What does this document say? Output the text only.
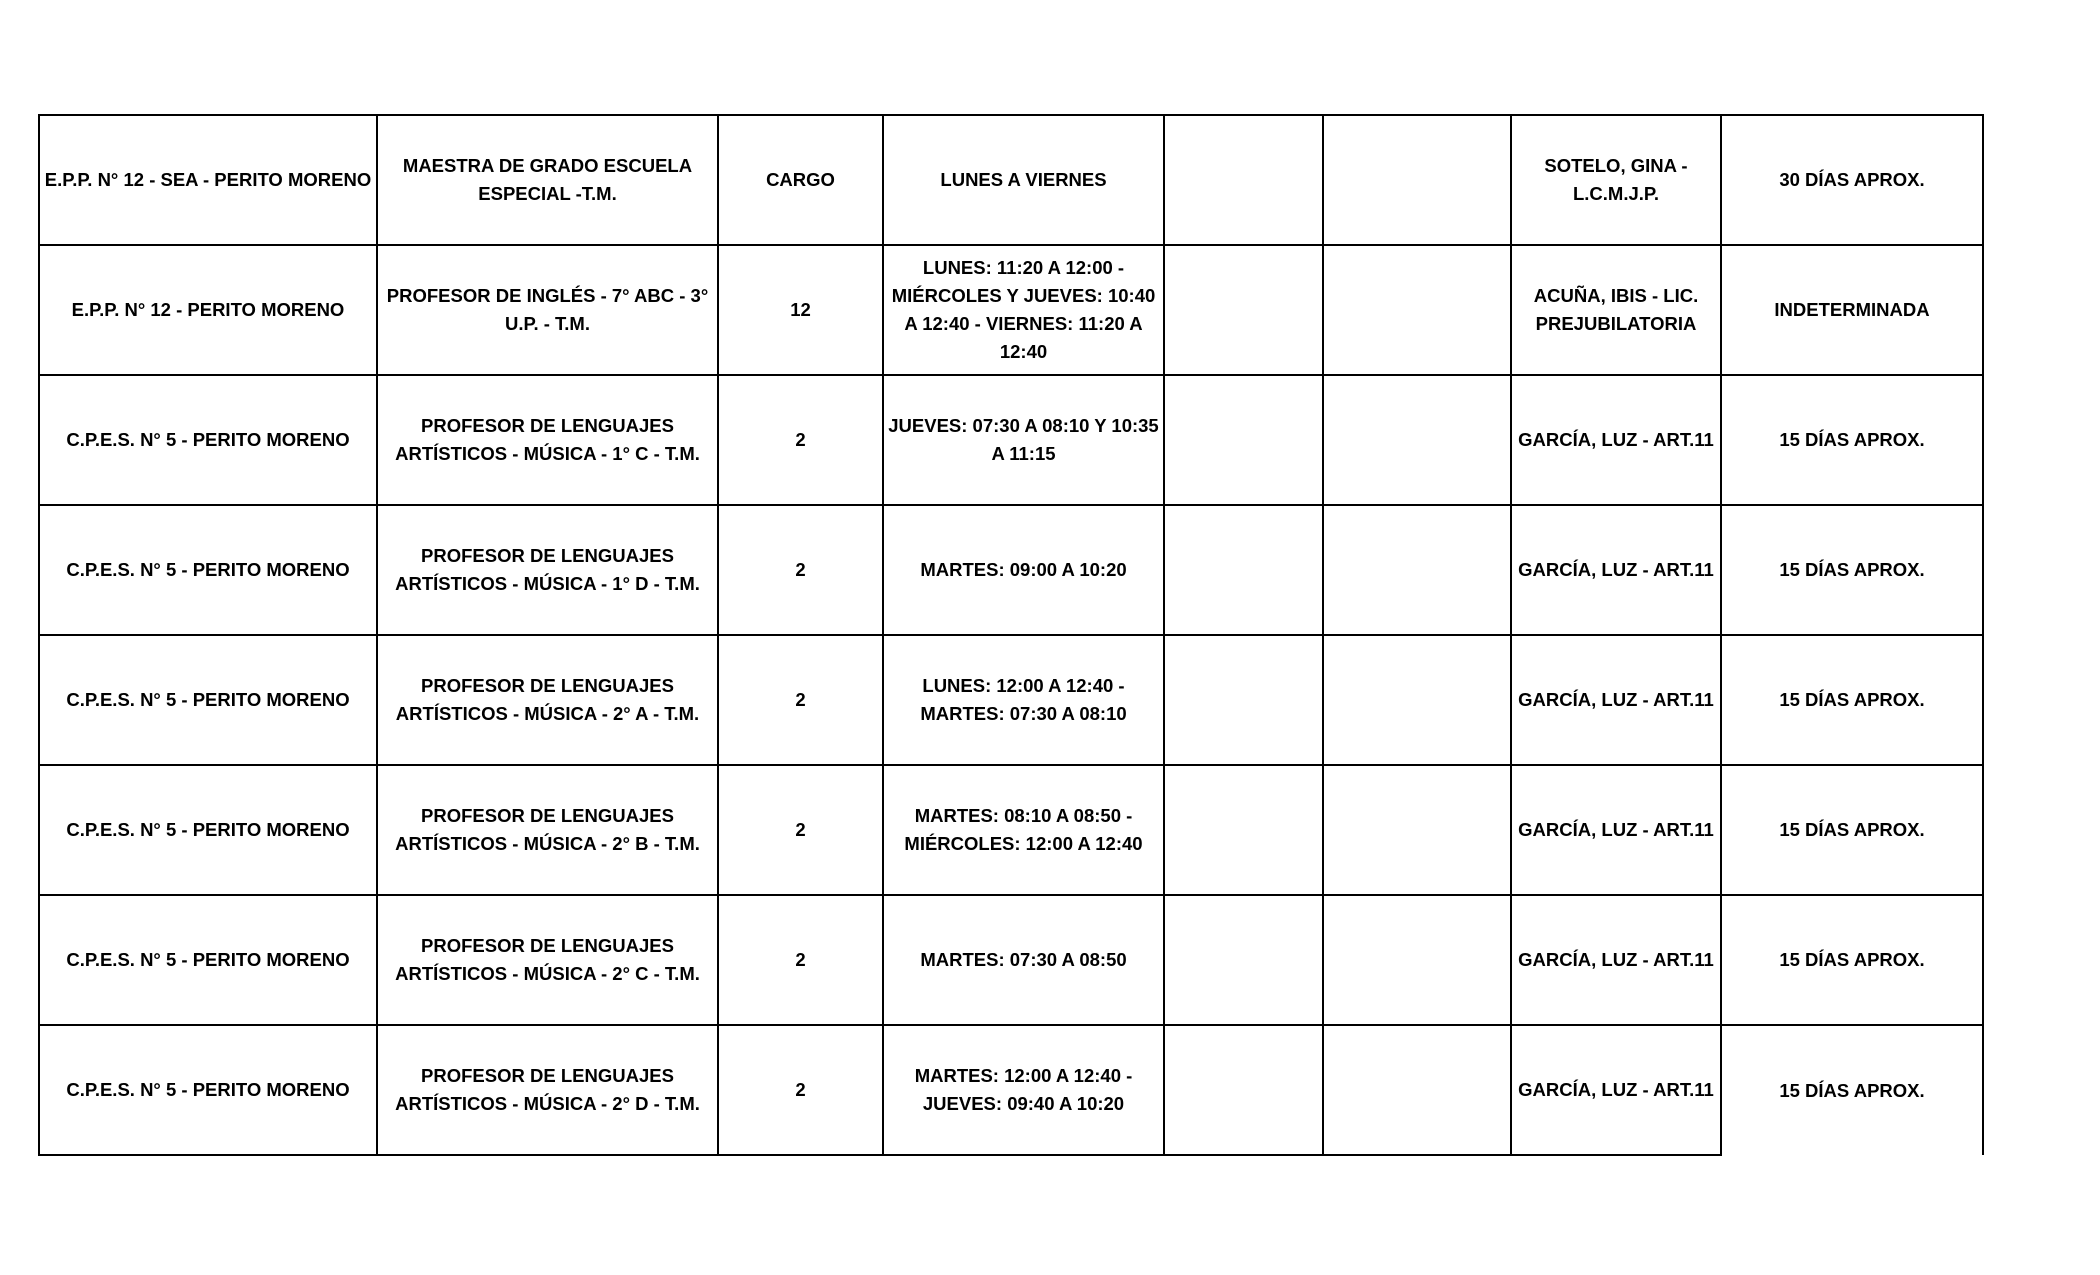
E.P.P. N° 12 - SEA - PERITO MORENO	MAESTRA DE GRADO ESCUELA ESPECIAL -T.M.	CARGO	LUNES A VIERNES			SOTELO, GINA - L.C.M.J.P.	30 DÍAS APROX.
E.P.P. N° 12 - PERITO MORENO	PROFESOR DE INGLÉS - 7° ABC - 3° U.P. - T.M.	12	LUNES: 11:20 A 12:00 - MIÉRCOLES Y JUEVES: 10:40 A 12:40 - VIERNES: 11:20 A 12:40			ACUÑA, IBIS - LIC. PREJUBILATORIA	INDETERMINADA
C.P.E.S. N° 5 - PERITO MORENO	PROFESOR DE LENGUAJES ARTÍSTICOS - MÚSICA - 1° C - T.M.	2	JUEVES: 07:30 A 08:10 Y 10:35 A 11:15			GARCÍA, LUZ - ART.11	15 DÍAS APROX.
C.P.E.S. N° 5 - PERITO MORENO	PROFESOR DE LENGUAJES ARTÍSTICOS - MÚSICA - 1° D - T.M.	2	MARTES: 09:00 A 10:20			GARCÍA, LUZ - ART.11	15 DÍAS APROX.
C.P.E.S. N° 5 - PERITO MORENO	PROFESOR DE LENGUAJES ARTÍSTICOS - MÚSICA - 2° A - T.M.	2	LUNES: 12:00 A 12:40 - MARTES: 07:30 A 08:10			GARCÍA, LUZ - ART.11	15 DÍAS APROX.
C.P.E.S. N° 5 - PERITO MORENO	PROFESOR DE LENGUAJES ARTÍSTICOS - MÚSICA - 2° B - T.M.	2	MARTES: 08:10 A 08:50 - MIÉRCOLES: 12:00 A 12:40			GARCÍA, LUZ - ART.11	15 DÍAS APROX.
C.P.E.S. N° 5 - PERITO MORENO	PROFESOR DE LENGUAJES ARTÍSTICOS - MÚSICA - 2° C - T.M.	2	MARTES: 07:30 A 08:50			GARCÍA, LUZ - ART.11	15 DÍAS APROX.
C.P.E.S. N° 5 - PERITO MORENO	PROFESOR DE LENGUAJES ARTÍSTICOS - MÚSICA - 2° D - T.M.	2	MARTES: 12:00 A 12:40 - JUEVES: 09:40 A 10:20			GARCÍA, LUZ - ART.11	15 DÍAS APROX.
